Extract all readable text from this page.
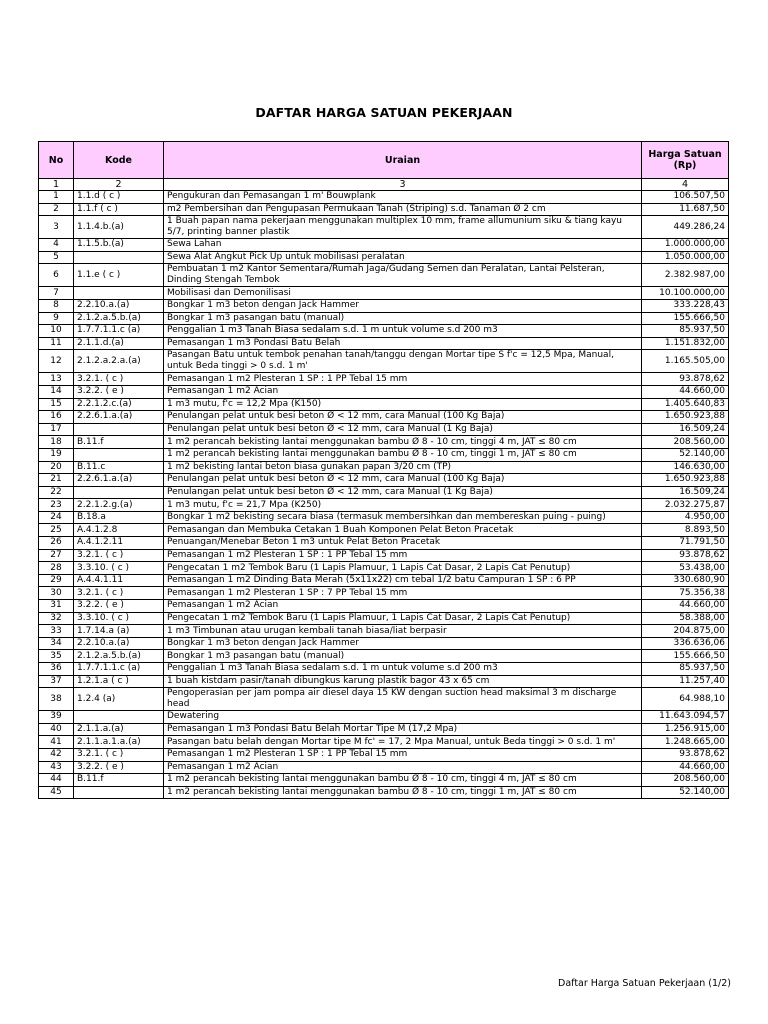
DAFTAR HARGA SATUAN PEKERJAAN
No	Kode	Uraian	Harga Satuan (Rp)
1	2	3	4
1	1.1.d ( c )	Pengukuran dan Pemasangan 1 m' Bouwplank	106.507,50
2	1.1.f ( c )	m2 Pembersihan dan Pengupasan Permukaan Tanah (Striping) s.d. Tanaman Ø 2 cm	11.687,50
3	1.1.4.b.(a)	1 Buah papan nama pekerjaan menggunakan multiplex 10 mm, frame allumunium siku & tiang kayu 5/7, printing banner plastik	449.286,24
4	1.1.5.b.(a)	Sewa Lahan	1.000.000,00
5		Sewa Alat Angkut Pick Up untuk mobilisasi peralatan	1.050.000,00
6	1.1.e ( c )	Pembuatan 1 m2 Kantor Sementara/Rumah Jaga/Gudang Semen dan Peralatan, Lantai Pelsteran, Dinding Stengah Tembok	2.382.987,00
7		Mobilisasi dan Demonilisasi	10.100.000,00
8	2.2.10.a.(a)	Bongkar 1 m3 beton dengan Jack Hammer	333.228,43
9	2.1.2.a.5.b.(a)	Bongkar 1 m3 pasangan batu (manual)	155.666,50
10	1.7.7.1.1.c (a)	Penggalian 1 m3 Tanah Biasa sedalam s.d. 1 m untuk volume s.d 200 m3	85.937,50
11	2.1.1.d.(a)	Pemasangan 1 m3 Pondasi Batu Belah	1.151.832,00
12	2.1.2.a.2.a.(a)	Pasangan Batu untuk tembok penahan tanah/tanggu dengan Mortar tipe S f'c = 12,5 Mpa, Manual, untuk Beda tinggi > 0 s.d. 1 m'	1.165.505,00
13	3.2.1. ( c )	Pemasangan 1 m2 Plesteran 1 SP : 1 PP Tebal 15 mm	93.878,62
14	3.2.2. ( e )	Pemasangan 1 m2 Acian	44.660,00
15	2.2.1.2.c.(a)	1 m3 mutu, f'c = 12,2 Mpa (K150)	1.405.640,83
16	2.2.6.1.a.(a)	Penulangan pelat untuk besi beton Ø < 12 mm, cara Manual (100 Kg Baja)	1.650.923,88
17		Penulangan pelat untuk besi beton Ø < 12 mm, cara Manual (1 Kg Baja)	16.509,24
18	B.11.f	1 m2 perancah bekisting lantai menggunakan bambu Ø 8 - 10 cm, tinggi 4 m, JAT ≤ 80 cm	208.560,00
19		1 m2 perancah bekisting lantai menggunakan bambu Ø 8 - 10 cm, tinggi 1 m, JAT ≤ 80 cm	52.140,00
20	B.11.c	1 m2 bekisting lantai beton biasa gunakan papan 3/20 cm (TP)	146.630,00
21	2.2.6.1.a.(a)	Penulangan pelat untuk besi beton Ø < 12 mm, cara Manual (100 Kg Baja)	1.650.923,88
22		Penulangan pelat untuk besi beton Ø < 12 mm, cara Manual (1 Kg Baja)	16.509,24
23	2.2.1.2.g.(a)	1 m3 mutu, f'c = 21,7 Mpa (K250)	2.032.275,87
24	B.18.a	Bongkar 1 m2 bekisting secara biasa (termasuk membersihkan dan membereskan puing - puing)	4.950,00
25	A.4.1.2.8	Pemasangan dan Membuka Cetakan 1 Buah Komponen Pelat Beton Pracetak	8.893,50
26	A.4.1.2.11	Penuangan/Menebar Beton 1 m3 untuk Pelat Beton Pracetak	71.791,50
27	3.2.1. ( c )	Pemasangan 1 m2 Plesteran 1 SP : 1 PP Tebal 15 mm	93.878,62
28	3.3.10. ( c )	Pengecatan 1 m2 Tembok Baru (1 Lapis Plamuur, 1 Lapis Cat Dasar, 2 Lapis Cat Penutup)	53.438,00
29	A.4.4.1.11	Pemasangan 1 m2 Dinding Bata Merah (5x11x22) cm tebal 1/2 batu Campuran 1 SP : 6 PP	330.680,90
30	3.2.1. ( c )	Pemasangan 1 m2 Plesteran 1 SP : 7 PP Tebal 15 mm	75.356,38
31	3.2.2. ( e )	Pemasangan 1 m2 Acian	44.660,00
32	3.3.10. ( c )	Pengecatan 1 m2 Tembok Baru (1 Lapis Plamuur, 1 Lapis Cat Dasar, 2 Lapis Cat Penutup)	58.388,00
33	1.7.14.a (a)	1 m3 Timbunan atau urugan kembali tanah biasa/liat berpasir	204.875,00
34	2.2.10.a.(a)	Bongkar 1 m3 beton dengan Jack Hammer	336.636,06
35	2.1.2.a.5.b.(a)	Bongkar 1 m3 pasangan batu (manual)	155.666,50
36	1.7.7.1.1.c (a)	Penggalian 1 m3 Tanah Biasa sedalam s.d. 1 m untuk volume s.d 200 m3	85.937,50
37	1.2.1.a ( c )	1 buah kistdam pasir/tanah dibungkus karung plastik bagor 43 x 65 cm	11.257,40
38	1.2.4 (a)	Pengoperasian per jam pompa air diesel daya 15 KW dengan suction head maksimal 3 m discharge head	64.988,10
39		Dewatering	11.643.094,57
40	2.1.1.a.(a)	Pemasangan 1 m3 Pondasi Batu Belah Mortar Tipe M (17,2 Mpa)	1.256.915,00
41	2.1.1.a.1.a.(a)	Pasangan batu belah dengan Mortar tipe M fc' = 17, 2 Mpa Manual, untuk Beda tinggi > 0 s.d. 1 m'	1.248.665,00
42	3.2.1. ( c )	Pemasangan 1 m2 Plesteran 1 SP : 1 PP Tebal 15 mm	93.878,62
43	3.2.2. ( e )	Pemasangan 1 m2 Acian	44.660,00
44	B.11.f	1 m2 perancah bekisting lantai menggunakan bambu Ø 8 - 10 cm, tinggi 4 m, JAT ≤ 80 cm	208.560,00
45		1 m2 perancah bekisting lantai menggunakan bambu Ø 8 - 10 cm, tinggi 1 m, JAT ≤ 80 cm	52.140,00
Daftar Harga Satuan Pekerjaan (1/2)
